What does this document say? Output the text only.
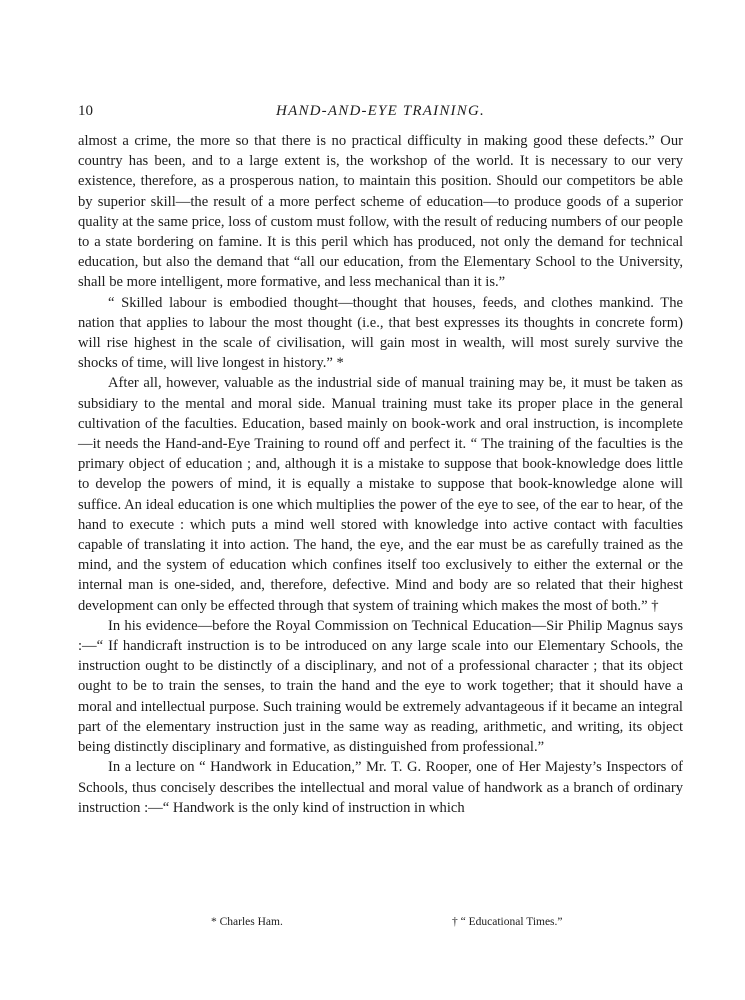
10	HAND-AND-EYE TRAINING.

almost a crime, the more so that there is no practical difficulty in making good these defects.” Our country has been, and to a large extent is, the workshop of the world. It is necessary to our very existence, therefore, as a prosperous nation, to maintain this position. Should our competitors be able by superior skill—the result of a more perfect scheme of education—to produce goods of a superior quality at the same price, loss of custom must follow, with the result of reducing numbers of our people to a state bordering on famine. It is this peril which has produced, not only the demand for technical education, but also the demand that “all our education, from the Elementary School to the University, shall be more intelligent, more formative, and less mechanical than it is.”

“ Skilled labour is embodied thought—thought that houses, feeds, and clothes mankind. The nation that applies to labour the most thought (i.e., that best expresses its thoughts in concrete form) will rise highest in the scale of civilisation, will gain most in wealth, will most surely survive the shocks of time, will live longest in history.” *

After all, however, valuable as the industrial side of manual training may be, it must be taken as subsidiary to the mental and moral side. Manual training must take its proper place in the general cultivation of the faculties. Education, based mainly on book-work and oral instruction, is incomplete—it needs the Hand-and-Eye Training to round off and perfect it. “ The training of the faculties is the primary object of education ; and, although it is a mistake to suppose that book-knowledge does little to develop the powers of mind, it is equally a mistake to suppose that book-knowledge alone will suffice. An ideal education is one which multiplies the power of the eye to see, of the ear to hear, of the hand to execute : which puts a mind well stored with knowledge into active contact with faculties capable of translating it into action. The hand, the eye, and the ear must be as carefully trained as the mind, and the system of education which confines itself too exclusively to either the external or the internal man is one-sided, and, therefore, defective. Mind and body are so related that their highest development can only be effected through that system of training which makes the most of both.” †

In his evidence—before the Royal Commission on Technical Education—Sir Philip Magnus says :—“ If handicraft instruction is to be introduced on any large scale into our Elementary Schools, the instruction ought to be distinctly of a disciplinary, and not of a professional character ; that its object ought to be to train the senses, to train the hand and the eye to work together; that it should have a moral and intellectual purpose. Such training would be extremely advantageous if it became an integral part of the elementary instruction just in the same way as reading, arithmetic, and writing, its object being distinctly disciplinary and formative, as distinguished from professional.”

In a lecture on “ Handwork in Education,” Mr. T. G. Rooper, one of Her Majesty’s Inspectors of Schools, thus concisely describes the intellectual and moral value of handwork as a branch of ordinary instruction :—“ Handwork is the only kind of instruction in which

* Charles Ham.	† “ Educational Times.”
